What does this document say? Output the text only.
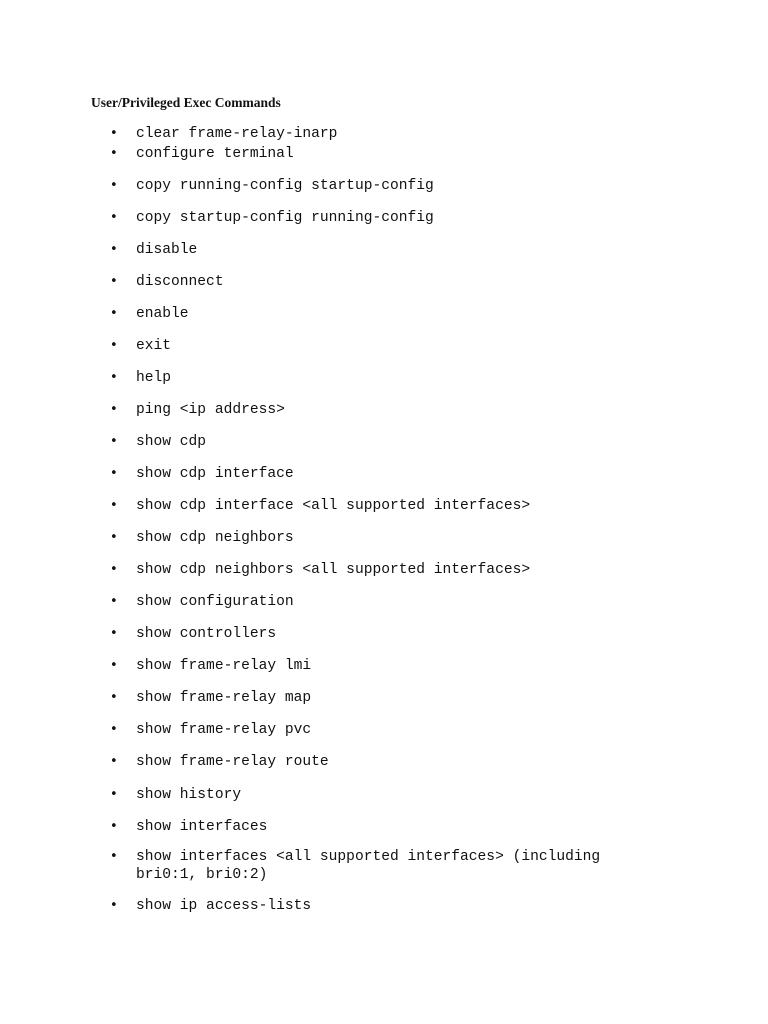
User/Privileged Exec Commands
•	clear frame-relay-inarp
•	configure terminal
•	copy running-config startup-config
•	copy startup-config running-config
•	disable
•	disconnect
•	enable
•	exit
•	help
•	ping <ip address>
•	show cdp
•	show cdp interface
•	show cdp interface <all supported interfaces>
•	show cdp neighbors
•	show cdp neighbors <all supported interfaces>
•	show configuration
•	show controllers
•	show frame-relay lmi
•	show frame-relay map
•	show frame-relay pvc
•	show frame-relay route
•	show history
•	show interfaces
•	show interfaces <all supported interfaces> (including
bri0:1, bri0:2)
•	show ip access-lists
